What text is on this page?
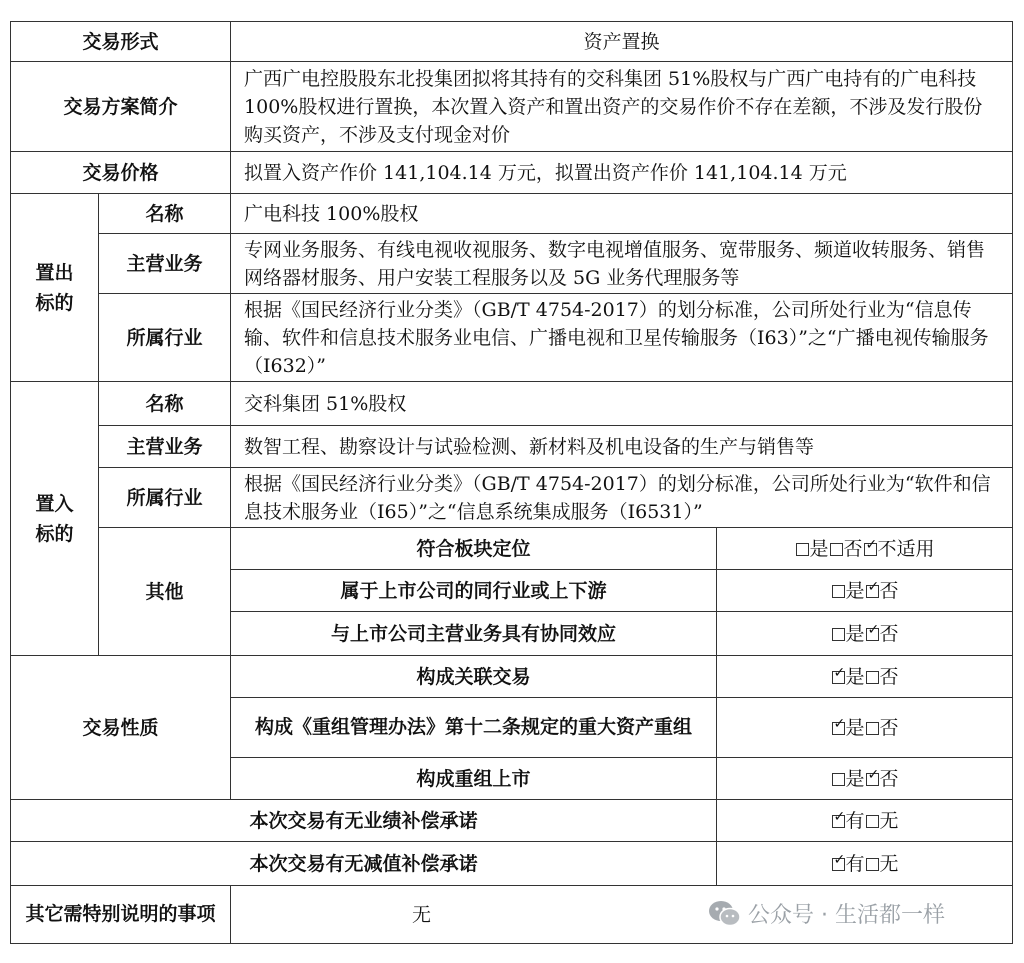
交易形式		资产置换	
交易方案简介		广西广电控股股东北投集团拟将其持有的交科集团 51%股权与广西广电持有的广电科技 100%股权进行置换，本次置入资产和置出资产的交易作价不存在差额，不涉及发行股份购买资产，不涉及支付现金对价	
交易价格		拟置入资产作价 141,104.14 万元，拟置出资产作价 141,104.14 万元	
置出标的	名称	广电科技 100%股权	
	主营业务	专网业务服务、有线电视收视服务、数字电视增值服务、宽带服务、频道收转服务、销售网络器材服务、用户安装工程服务以及 5G 业务代理服务等	
	所属行业	根据《国民经济行业分类》（GB/T 4754-2017）的划分标准，公司所处行业为“信息传输、软件和信息技术服务业电信、广播电视和卫星传输服务（I63）”之“广播电视传输服务（I632）”	
置入标的	名称	交科集团 51%股权	
	主营业务	数智工程、勘察设计与试验检测、新材料及机电设备的生产与销售等	
	所属行业	根据《国民经济行业分类》（GB/T 4754-2017）的划分标准，公司所处行业为“软件和信息技术服务业（I65）”之“信息系统集成服务（I6531）”	
	其他	符合板块定位	是 否 ✓ 不适用
		属于上市公司的同行业或上下游	是 ✓ 否
		与上市公司主营业务具有协同效应	是 ✓ 否
交易性质		构成关联交易	✓是 否
		构成《重组管理办法》第十二条规定的重大资产重组	✓是 否
		构成重组上市	是 ✓ 否
本次交易有无业绩补偿承诺	✓有 无
本次交易有无减值补偿承诺	✓有 无
其它需特别说明的事项		无		公众号 · 生活都一样
